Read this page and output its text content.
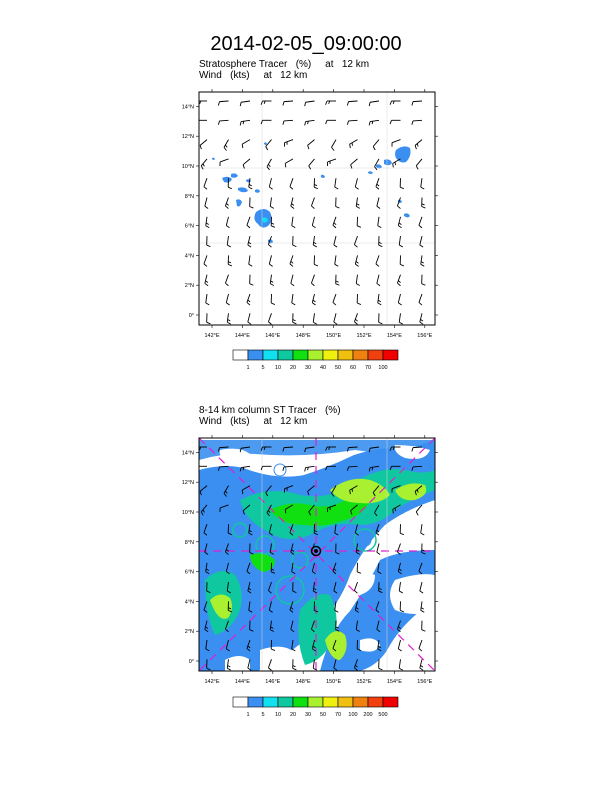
2014-02-05_09:00:00
Stratosphere Tracer   (%)     at   12 km
Wind   (kts)     at   12 km
8-14 km column ST Tracer   (%)
Wind   (kts)     at   12 km
0°
2°N
4°N
6°N
8°N
10°N
12°N
14°N
142°E	144°E	146°E	148°E	150°E	152°E	154°E	156°E
1 5 10 20 30 40 50 60 70 100
0°
2°N
4°N
6°N
8°N
10°N
12°N
14°N
142°E	144°E	146°E	148°E	150°E	152°E	154°E	156°E
1 5 10 20 30 50 70 100 200 500
